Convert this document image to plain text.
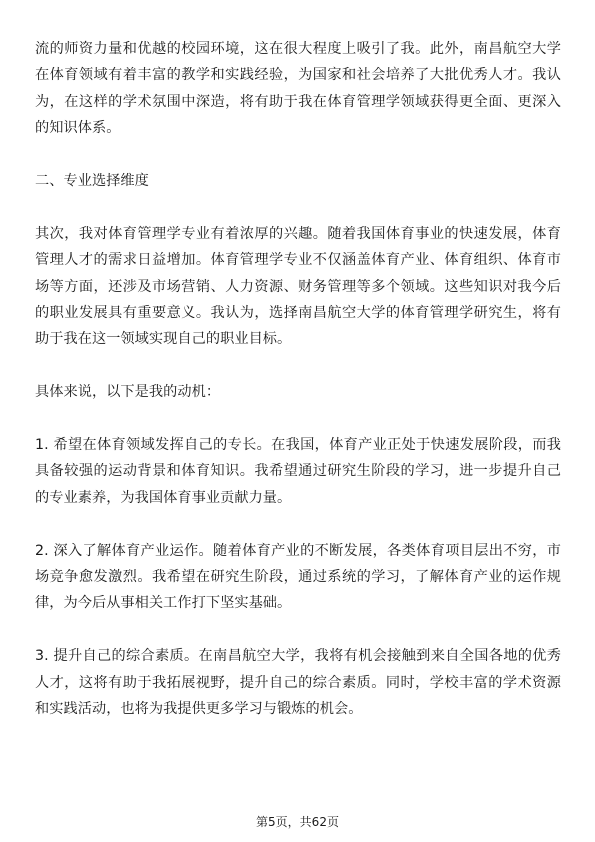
流的师资力量和优越的校园环境，这在很大程度上吸引了我。此外，南昌航空大学在体育领域有着丰富的教学和实践经验，为国家和社会培养了大批优秀人才。我认为，在这样的学术氛围中深造，将有助于我在体育管理学领域获得更全面、更深入的知识体系。

二、专业选择维度

其次，我对体育管理学专业有着浓厚的兴趣。随着我国体育事业的快速发展，体育管理人才的需求日益增加。体育管理学专业不仅涵盖体育产业、体育组织、体育市场等方面，还涉及市场营销、人力资源、财务管理等多个领域。这些知识对我今后的职业发展具有重要意义。我认为，选择南昌航空大学的体育管理学研究生，将有助于我在这一领域实现自己的职业目标。

具体来说，以下是我的动机：

1. 希望在体育领域发挥自己的专长。在我国，体育产业正处于快速发展阶段，而我具备较强的运动背景和体育知识。我希望通过研究生阶段的学习，进一步提升自己的专业素养，为我国体育事业贡献力量。

2. 深入了解体育产业运作。随着体育产业的不断发展，各类体育项目层出不穷，市场竞争愈发激烈。我希望在研究生阶段，通过系统的学习，了解体育产业的运作规律，为今后从事相关工作打下坚实基础。

3. 提升自己的综合素质。在南昌航空大学，我将有机会接触到来自全国各地的优秀人才，这将有助于我拓展视野，提升自己的综合素质。同时，学校丰富的学术资源和实践活动，也将为我提供更多学习与锻炼的机会。

第5页，共62页
